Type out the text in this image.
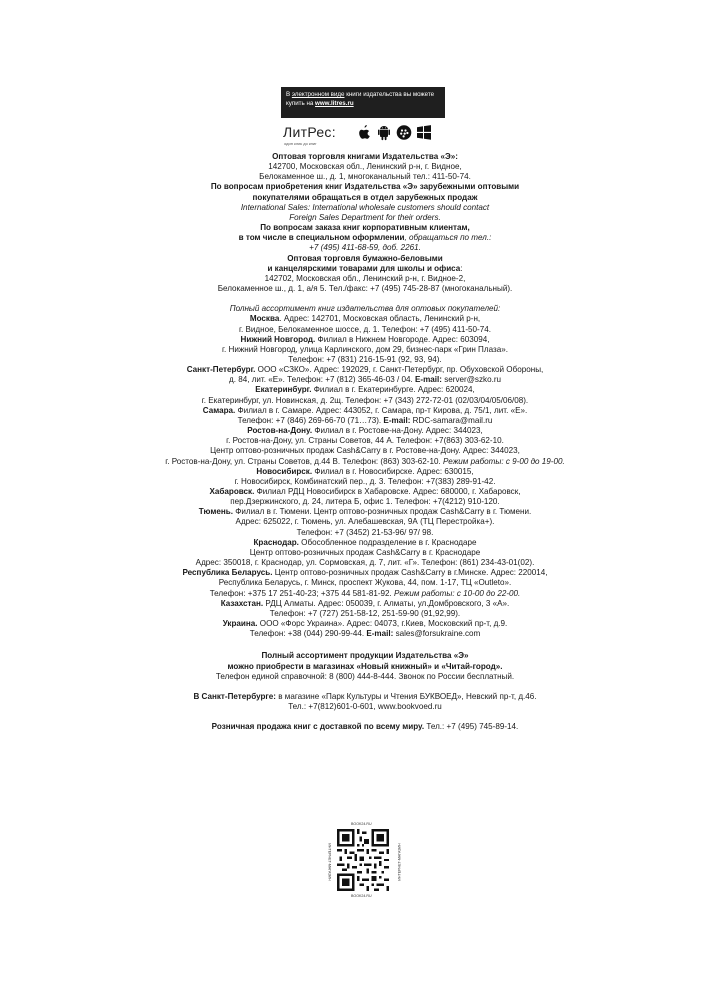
В электронном виде книги издательства вы можете
купить на www.litres.ru
ЛитРес:
один клик до книг
Оптовая торговля книгами Издательства «Э»:
142700, Московская обл., Ленинский р-н, г. Видное,
Белокаменное ш., д. 1, многоканальный тел.: 411-50-74.
По вопросам приобретения книг Издательства «Э» зарубежными оптовыми
покупателями обращаться в отдел зарубежных продаж
International Sales: International wholesale customers should contact
Foreign Sales Department for their orders.
По вопросам заказа книг корпоративным клиентам,
в том числе в специальном оформлении, обращаться по тел.:
+7 (495) 411-68-59, доб. 2261.
Оптовая торговля бумажно-беловыми
и канцелярскими товарами для школы и офиса:
142702, Московская обл., Ленинский р-н, г. Видное-2,
Белокаменное ш., д. 1, а/я 5. Тел./факс: +7 (495) 745-28-87 (многоканальный).
Полный ассортимент книг издательства для оптовых покупателей:
Москва. Адрес: 142701, Московская область, Ленинский р-н,
г. Видное, Белокаменное шоссе, д. 1. Телефон: +7 (495) 411-50-74.
Нижний Новгород. Филиал в Нижнем Новгороде. Адрес: 603094,
г. Нижний Новгород, улица Карлинского, дом 29, бизнес-парк «Грин Плаза».
Телефон: +7 (831) 216-15-91 (92, 93, 94).
Санкт-Петербург. ООО «СЗКО». Адрес: 192029, г. Санкт-Петербург, пр. Обуховской Обороны,
д. 84, лит. «Е». Телефон: +7 (812) 365-46-03 / 04. E-mail: server@szko.ru
Екатеринбург. Филиал в г. Екатеринбурге. Адрес: 620024,
г. Екатеринбург, ул. Новинская, д. 2щ. Телефон: +7 (343) 272-72-01 (02/03/04/05/06/08).
Самара. Филиал в г. Самаре. Адрес: 443052, г. Самара, пр-т Кирова, д. 75/1, лит. «Е».
Телефон: +7 (846) 269-66-70 (71…73). E-mail: RDC-samara@mail.ru
Ростов-на-Дону. Филиал в г. Ростове-на-Дону. Адрес: 344023,
г. Ростов-на-Дону, ул. Страны Советов, 44 А. Телефон: +7(863) 303-62-10.
Центр оптово-розничных продаж Cash&Carry в г. Ростове-на-Дону. Адрес: 344023,
г. Ростов-на-Дону, ул. Страны Советов, д.44 В. Телефон: (863) 303-62-10. Режим работы: с 9-00 до 19-00.
Новосибирск. Филиал в г. Новосибирске. Адрес: 630015,
г. Новосибирск, Комбинатский пер., д. 3. Телефон: +7(383) 289-91-42.
Хабаровск. Филиал РДЦ Новосибирск в Хабаровске. Адрес: 680000, г. Хабаровск,
пер.Дзержинского, д. 24, литера Б, офис 1. Телефон: +7(4212) 910-120.
Тюмень. Филиал в г. Тюмени. Центр оптово-розничных продаж Cash&Carry в г. Тюмени.
Адрес: 625022, г. Тюмень, ул. Алебашевская, 9А (ТЦ Перестройка+).
Телефон: +7 (3452) 21-53-96/ 97/ 98.
Краснодар. Обособленное подразделение в г. Краснодаре
Центр оптово-розничных продаж Cash&Carry в г. Краснодаре
Адрес: 350018, г. Краснодар, ул. Сормовская, д. 7, лит. «Г». Телефон: (861) 234-43-01(02).
Республика Беларусь. Центр оптово-розничных продаж Cash&Carry в г.Минске. Адрес: 220014,
Республика Беларусь, г. Минск, проспект Жукова, 44, пом. 1-17, ТЦ «Outleto».
Телефон: +375 17 251-40-23; +375 44 581-81-92. Режим работы: с 10-00 до 22-00.
Казахстан. РДЦ Алматы. Адрес: 050039, г. Алматы, ул.Домбровского, 3 «А».
Телефон: +7 (727) 251-58-12, 251-59-90 (91,92,99).
Украина. ООО «Форс Украина». Адрес: 04073, г.Киев, Московский пр-т, д.9.
Телефон: +38 (044) 290-99-44. E-mail: sales@forsukraine.com
Полный ассортимент продукции Издательства «Э»
можно приобрести в магазинах «Новый книжный» и «Читай-город».
Телефон единой справочной: 8 (800) 444-8-444. Звонок по России бесплатный.
В Санкт-Петербурге: в магазине «Парк Культуры и Чтения БУКВОЕД», Невский пр-т, д.46.
Тел.: +7(812)601-0-601, www.bookvoed.ru
Розничная продажа книг с доставкой по всему миру. Тел.: +7 (495) 745-89-14.
BOOK24.RU
BOOK24.RU
ИНТЕРНЕТ-МАГАЗИН	ИНТЕРНЕТ-МАГАЗИН
